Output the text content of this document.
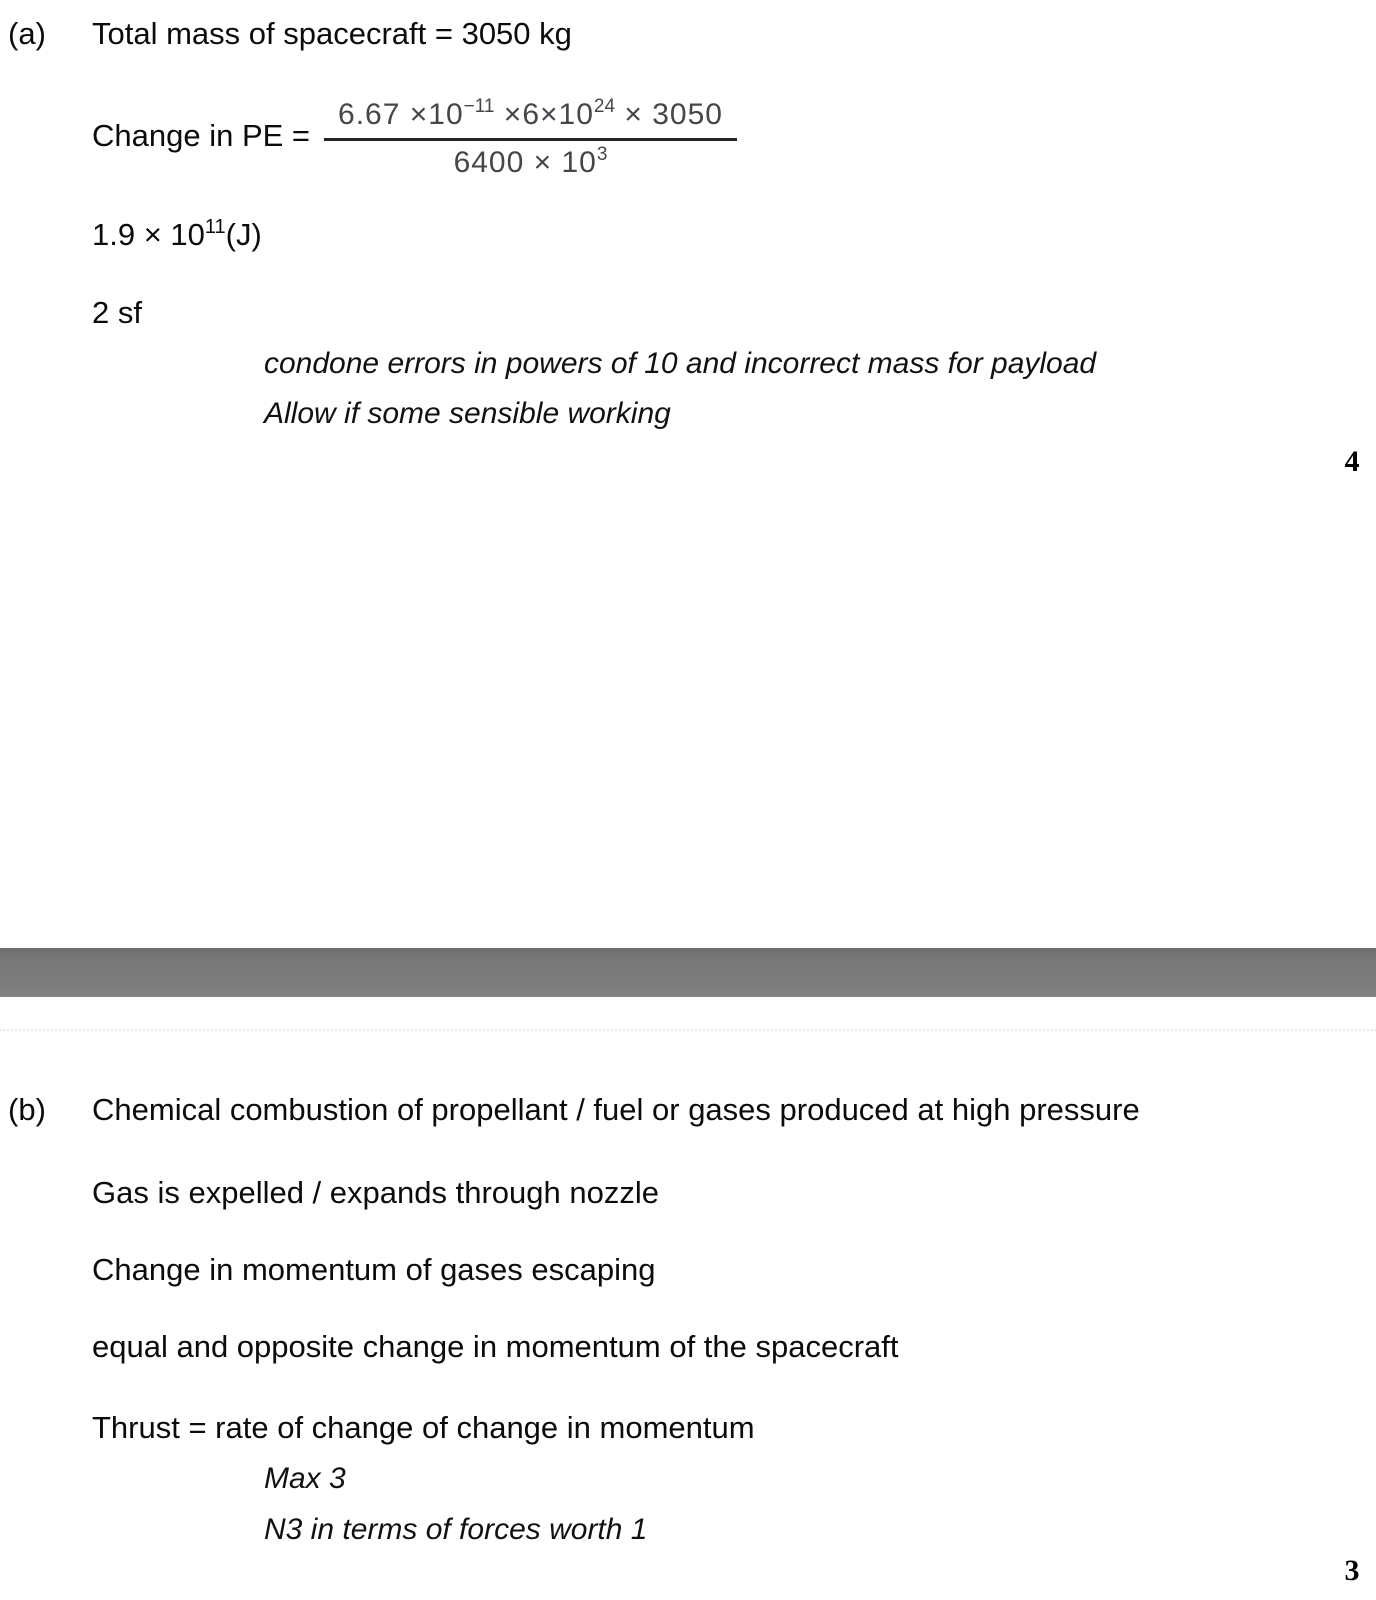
(a) Total mass of spacecraft = 3050 kg
Change in PE = $\frac{6.67 \times 10-11 \times 6\times 1024 \times 3050}{6400 \times 103}$
1.9 × 1011(J)
2 sf
condone errors in powers of 10 and incorrect mass for payload
Allow if some sensible working
4
(b) Chemical combustion of propellant / fuel or gases produced at high pressure
Gas is expelled / expands through nozzle
Change in momentum of gases escaping
equal and opposite change in momentum of the spacecraft
Thrust = rate of change of change in momentum
Max 3
N3 in terms of forces worth 1
3
